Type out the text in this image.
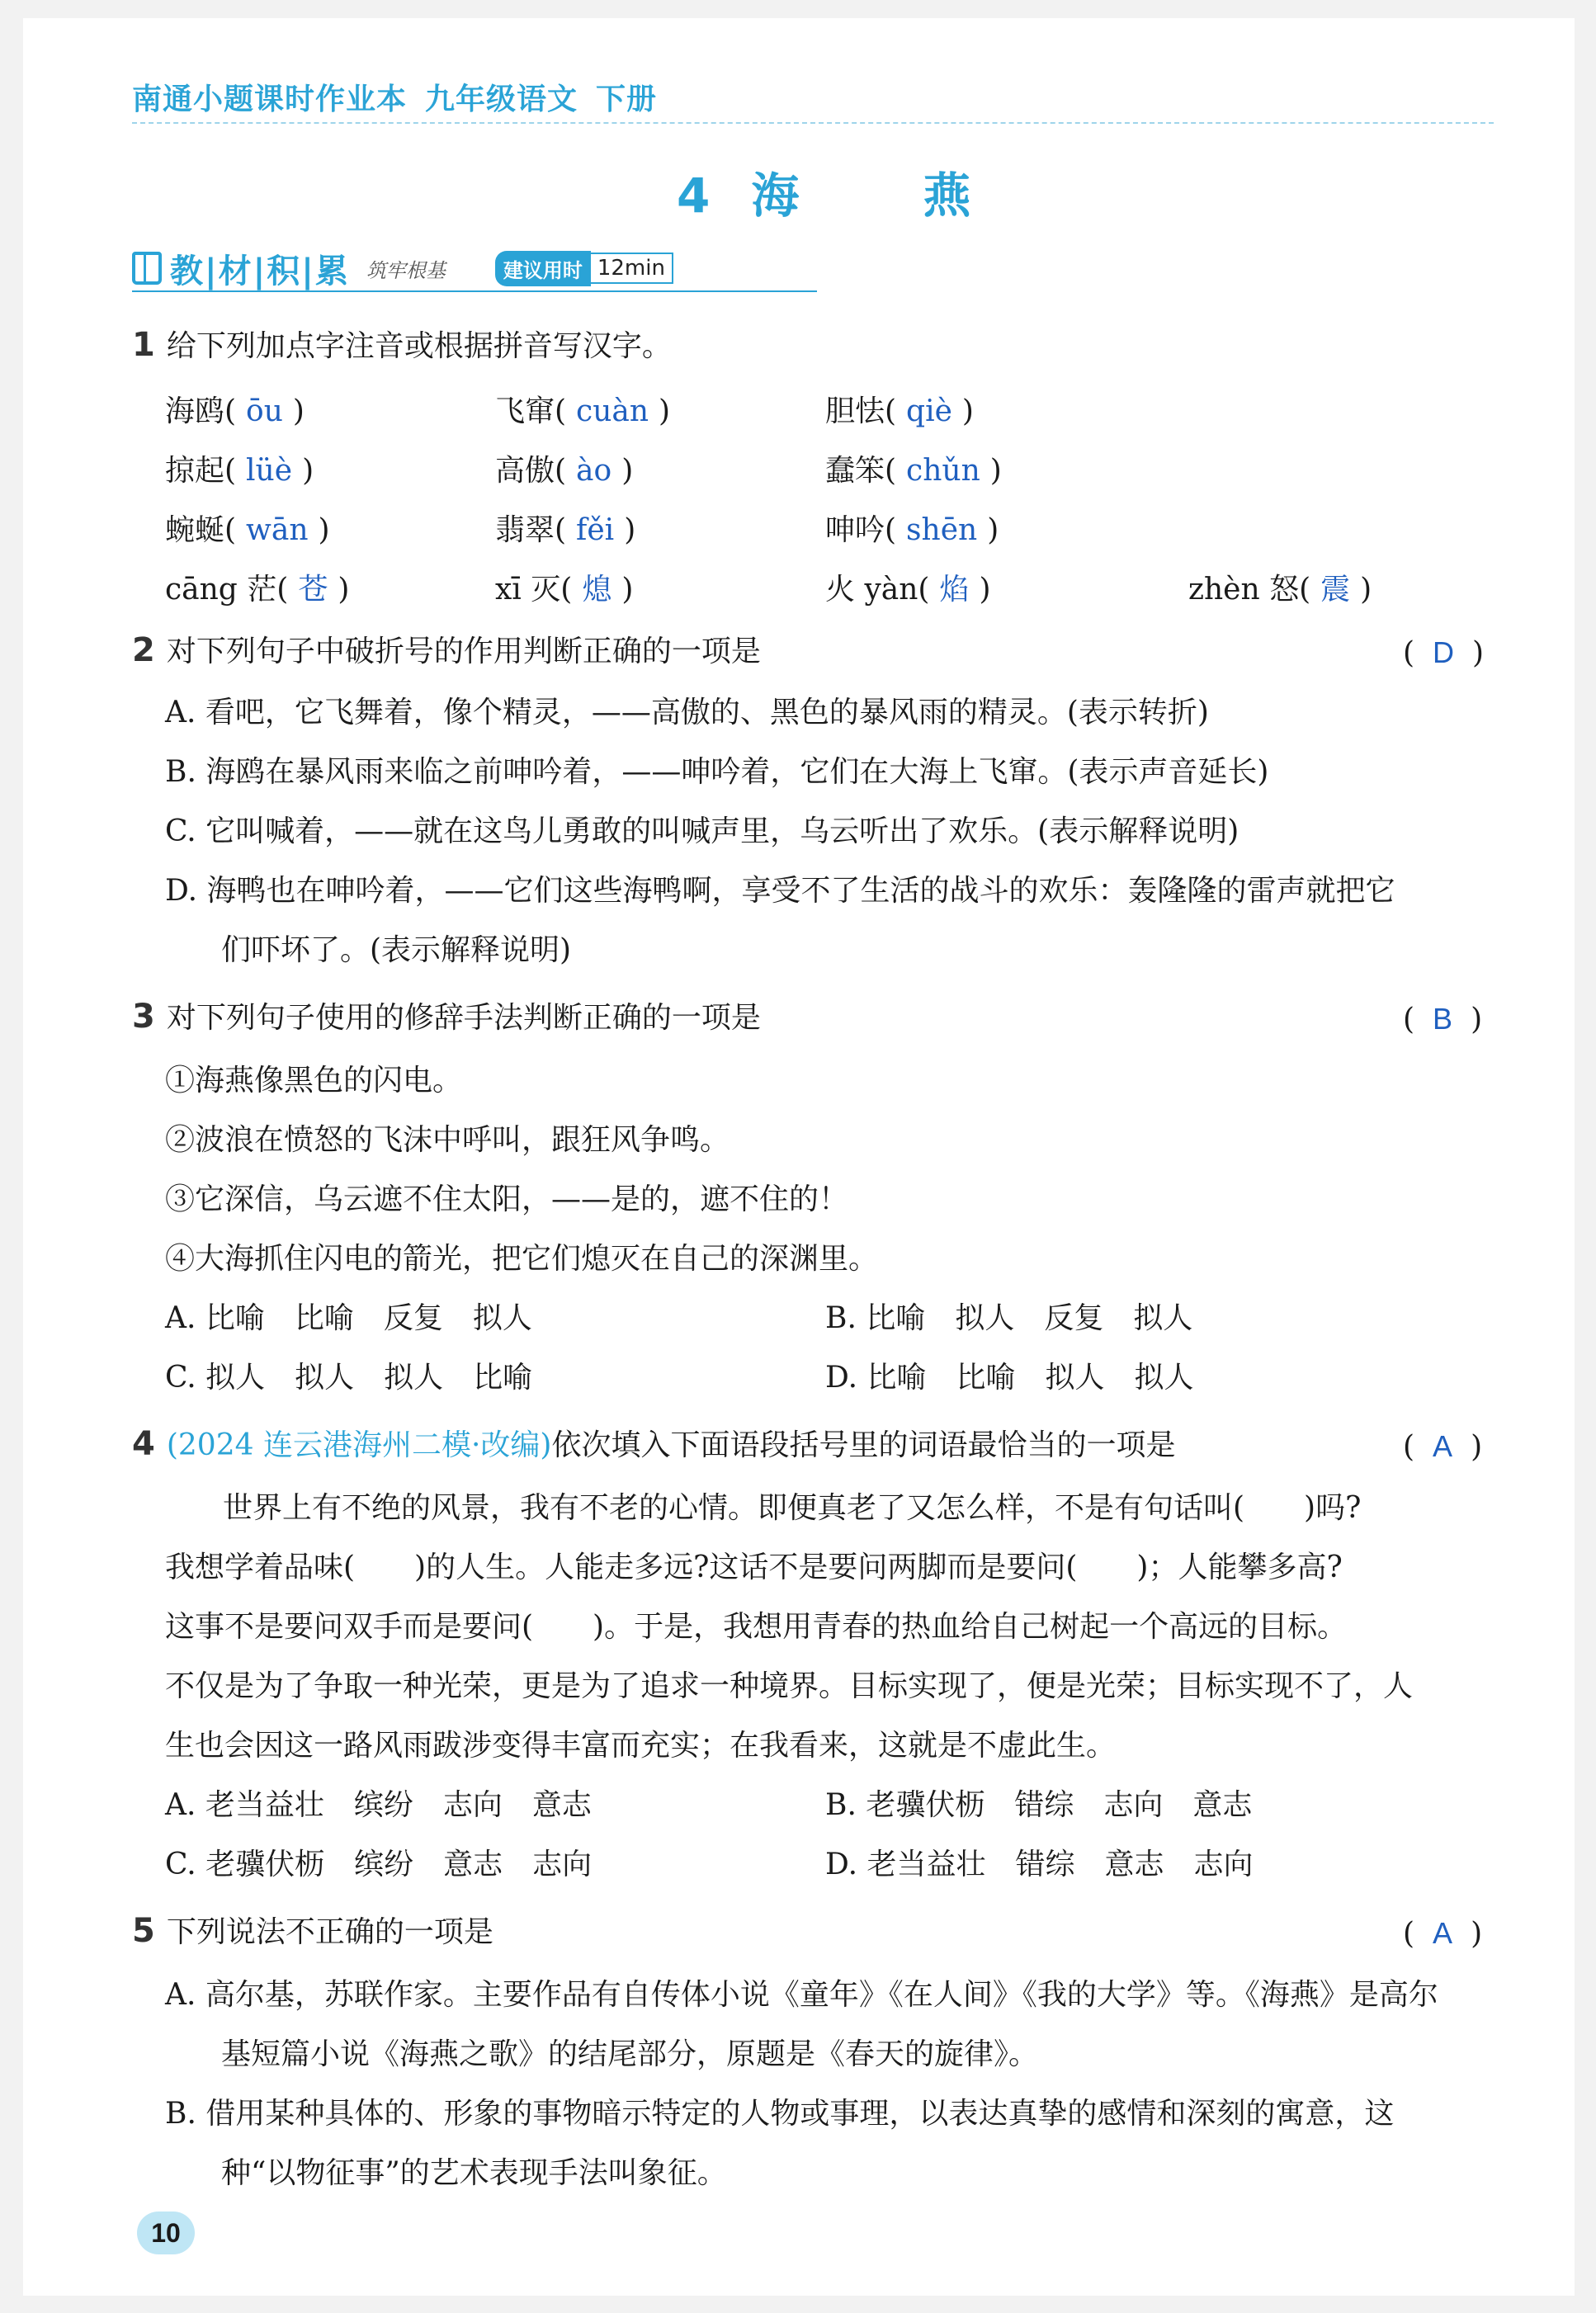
南通小题课时作业本 九年级语文 下册
4 海	燕
教|材|积|累 筑牢根基	建议用时 12min
1 给下列加点字注音或根据拼音写汉字。
海鸥( ōu )	飞窜( cuàn )	胆怯( qiè )
掠起( lüè )	高傲( ào )	蠢笨( chǔn )
蜿蜒( wān )	翡翠( fěi )	呻吟( shēn )
cāng 茫( 苍 )	xī 灭( 熄 )	火 yàn( 焰 )	zhèn 怒( 震 )
2 对下列句子中破折号的作用判断正确的一项是	( D )
A. 看吧，它飞舞着，像个精灵，——高傲的、黑色的暴风雨的精灵。(表示转折)
B. 海鸥在暴风雨来临之前呻吟着，——呻吟着，它们在大海上飞窜。(表示声音延长)
C. 它叫喊着，——就在这鸟儿勇敢的叫喊声里，乌云听出了欢乐。(表示解释说明)
D. 海鸭也在呻吟着，——它们这些海鸭啊，享受不了生活的战斗的欢乐：轰隆隆的雷声就把它
们吓坏了。(表示解释说明)
3 对下列句子使用的修辞手法判断正确的一项是	( B )
①海燕像黑色的闪电。
②波浪在愤怒的飞沫中呼叫，跟狂风争鸣。
③它深信，乌云遮不住太阳，——是的，遮不住的！
④大海抓住闪电的箭光，把它们熄灭在自己的深渊里。
A. 比喻　比喻　反复　拟人	B. 比喻　拟人　反复　拟人
C. 拟人　拟人　拟人　比喻	D. 比喻　比喻　拟人　拟人
4 (2024 连云港海州二模·改编)依次填入下面语段括号里的词语最恰当的一项是	( A )
世界上有不绝的风景，我有不老的心情。即便真老了又怎么样，不是有句话叫(　　)吗?
我想学着品味(　　)的人生。人能走多远?这话不是要问两脚而是要问(　　)；人能攀多高?
这事不是要问双手而是要问(　　)。于是，我想用青春的热血给自己树起一个高远的目标。
不仅是为了争取一种光荣，更是为了追求一种境界。目标实现了，便是光荣；目标实现不了，人
生也会因这一路风雨跋涉变得丰富而充实；在我看来，这就是不虚此生。
A. 老当益壮　缤纷　志向　意志	B. 老骥伏枥　错综　志向　意志
C. 老骥伏枥　缤纷　意志　志向	D. 老当益壮　错综　意志　志向
5 下列说法不正确的一项是	( A )
A. 高尔基，苏联作家。主要作品有自传体小说《童年》《在人间》《我的大学》等。《海燕》是高尔
基短篇小说《海燕之歌》的结尾部分，原题是《春天的旋律》。
B. 借用某种具体的、形象的事物暗示特定的人物或事理，以表达真挚的感情和深刻的寓意，这
种“以物征事”的艺术表现手法叫象征。
10
